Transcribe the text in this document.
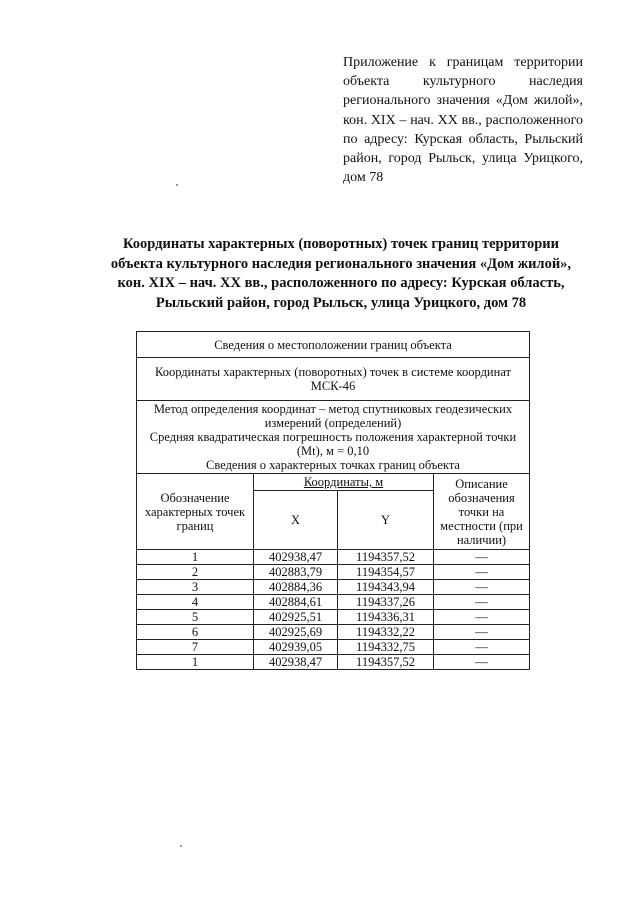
Приложение к границам территории объекта культурного наследия регионального значения «Дом жилой», кон. XIX – нач. XX вв., расположенного по адресу: Курская область, Рыльский район, город Рыльск, улица Урицкого, дом 78
Координаты характерных (поворотных) точек границ территории объекта культурного наследия регионального значения «Дом жилой», кон. XIX – нач. XX вв., расположенного по адресу: Курская область, Рыльский район, город Рыльск, улица Урицкого, дом 78
Сведения о местоположении границ объекта			
Координаты характерных (поворотных) точек в системе координат МСК-46			

Метод определения координат – метод спутниковых геодезических измерений (определений)
Средняя квадратическая погрешность положения характерной точки (Mt), м = 0,10
Сведения о характерных точках границ объекта			

Обозначение характерных точек границ	Координаты, м		Описание обозначения точки на местности (при наличии)
	X	Y	
1	402938,47	1194357,52	—
2	402883,79	1194354,57	—
3	402884,36	1194343,94	—
4	402884,61	1194337,26	—
5	402925,51	1194336,31	—
6	402925,69	1194332,22	—
7	402939,05	1194332,75	—
1	402938,47	1194357,52	—
